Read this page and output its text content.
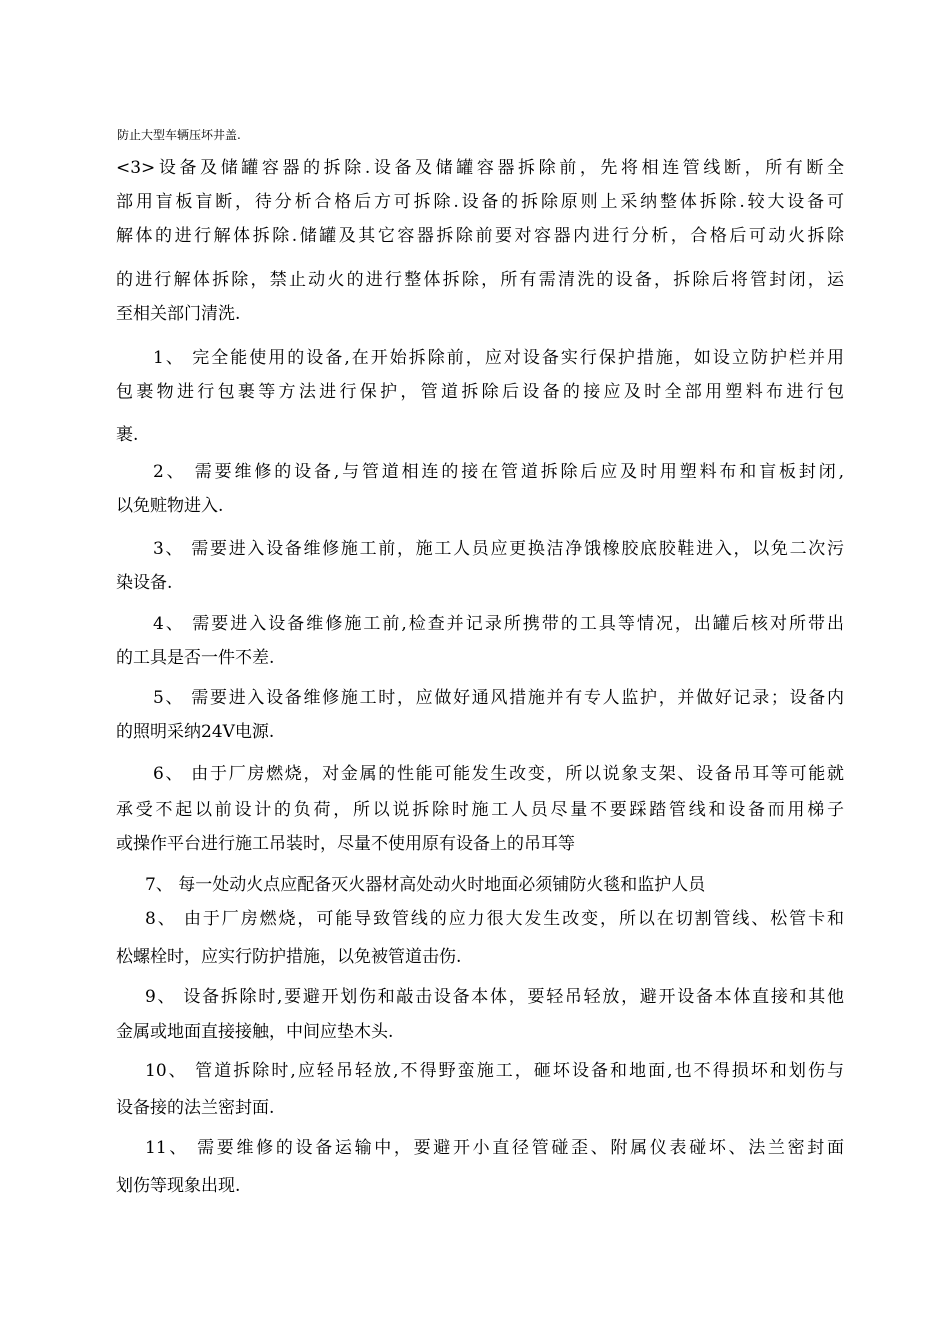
防止大型车辆压坏井盖.
<3>设备及储罐容器的拆除.设备及储罐容器拆除前，先将相连管线断，所有断全
部用盲板盲断，待分析合格后方可拆除.设备的拆除原则上采纳整体拆除.较大设备可
解体的进行解体拆除.储罐及其它容器拆除前要对容器内进行分析，合格后可动火拆除
的进行解体拆除，禁止动火的进行整体拆除，所有需清洗的设备，拆除后将管封闭，运
至相关部门清洗.
1、 完全能使用的设备,在开始拆除前，应对设备实行保护措施，如设立防护栏并用
包裹物进行包裹等方法进行保护，管道拆除后设备的接应及时全部用塑料布进行包
裹.
2、 需要维修的设备,与管道相连的接在管道拆除后应及时用塑料布和盲板封闭,
以免赃物进入.
3、 需要进入设备维修施工前，施工人员应更换洁净饿橡胶底胶鞋进入，以免二次污
染设备.
4、 需要进入设备维修施工前,检查并记录所携带的工具等情况，出罐后核对所带出
的工具是否一件不差.
5、 需要进入设备维修施工时，应做好通风措施并有专人监护，并做好记录；设备内
的照明采纳24V电源.
6、 由于厂房燃烧，对金属的性能可能发生改变，所以说象支架、设备吊耳等可能就
承受不起以前设计的负荷，所以说拆除时施工人员尽量不要踩踏管线和设备而用梯子
或操作平台进行施工吊装时，尽量不使用原有设备上的吊耳等
7、 每一处动火点应配备灭火器材高处动火时地面必须铺防火毯和监护人员
8、 由于厂房燃烧，可能导致管线的应力很大发生改变，所以在切割管线、松管卡和
松螺栓时，应实行防护措施，以免被管道击伤.
9、 设备拆除时,要避开划伤和敲击设备本体，要轻吊轻放，避开设备本体直接和其他
金属或地面直接接触，中间应垫木头.
10、 管道拆除时,应轻吊轻放,不得野蛮施工，砸坏设备和地面,也不得损坏和划伤与
设备接的法兰密封面.
11、 需要维修的设备运输中，要避开小直径管碰歪、附属仪表碰坏、法兰密封面
划伤等现象出现.
